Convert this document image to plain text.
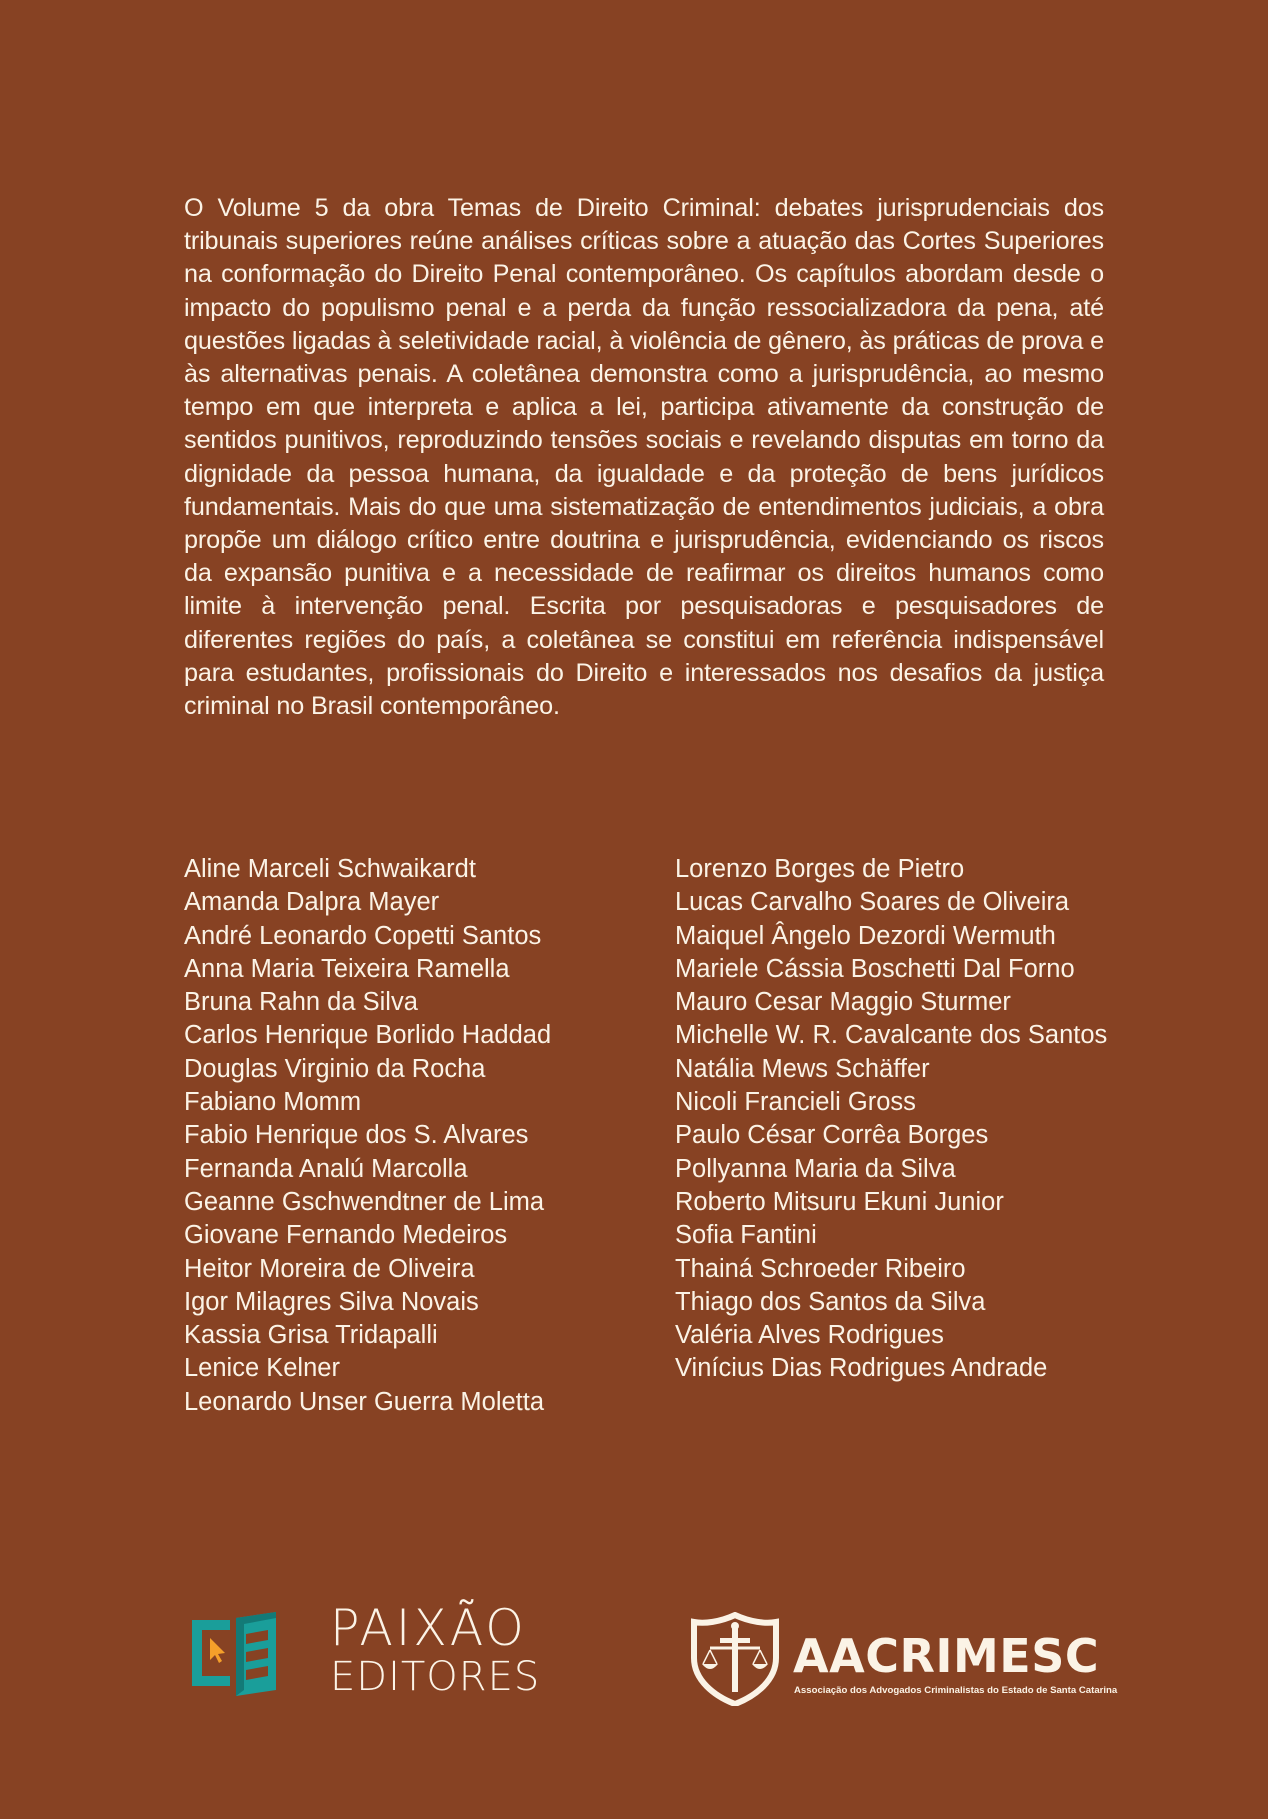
O Volume 5 da obra Temas de Direito Criminal: debates jurisprudenciais dos tribunais superiores reúne análises críticas sobre a atuação das Cortes Superiores na conformação do Direito Penal contemporâneo. Os capítulos abordam desde o impacto do populismo penal e a perda da função ressocializadora da pena, até questões ligadas à seletividade racial, à violência de gênero, às práticas de prova e às alternativas penais. A coletânea demonstra como a jurisprudência, ao mesmo tempo em que interpreta e aplica a lei, participa ativamente da construção de sentidos punitivos, reproduzindo tensões sociais e revelando disputas em torno da dignidade da pessoa humana, da igualdade e da proteção de bens jurídicos fundamentais. Mais do que uma sistematização de entendimentos judiciais, a obra propõe um diálogo crítico entre doutrina e jurisprudência, evidenciando os riscos da expansão punitiva e a necessidade de reafirmar os direitos humanos como limite à intervenção penal. Escrita por pesquisadoras e pesquisadores de diferentes regiões do país, a coletânea se constitui em referência indispensável para estudantes, profissionais do Direito e interessados nos desafios da justiça criminal no Brasil contemporâneo.

Aline Marceli Schwaikardt
Amanda Dalpra Mayer
André Leonardo Copetti Santos
Anna Maria Teixeira Ramella
Bruna Rahn da Silva
Carlos Henrique Borlido Haddad
Douglas Virginio da Rocha
Fabiano Momm
Fabio Henrique dos S. Alvares
Fernanda Analú Marcolla
Geanne Gschwendtner de Lima
Giovane Fernando Medeiros
Heitor Moreira de Oliveira
Igor Milagres Silva Novais
Kassia Grisa Tridapalli
Lenice Kelner
Leonardo Unser Guerra Moletta
Lorenzo Borges de Pietro
Lucas Carvalho Soares de Oliveira
Maiquel Ângelo Dezordi Wermuth
Mariele Cássia Boschetti Dal Forno
Mauro Cesar Maggio Sturmer
Michelle W. R. Cavalcante dos Santos
Natália Mews Schäffer
Nicoli Francieli Gross
Paulo César Corrêa Borges
Pollyanna Maria da Silva
Roberto Mitsuru Ekuni Junior
Sofia Fantini
Thainá Schroeder Ribeiro
Thiago dos Santos da Silva
Valéria Alves Rodrigues
Vinícius Dias Rodrigues Andrade
PAIXÃO
EDITORES	AACRIMESC
Associação dos Advogados Criminalistas do Estado de Santa Catarina
